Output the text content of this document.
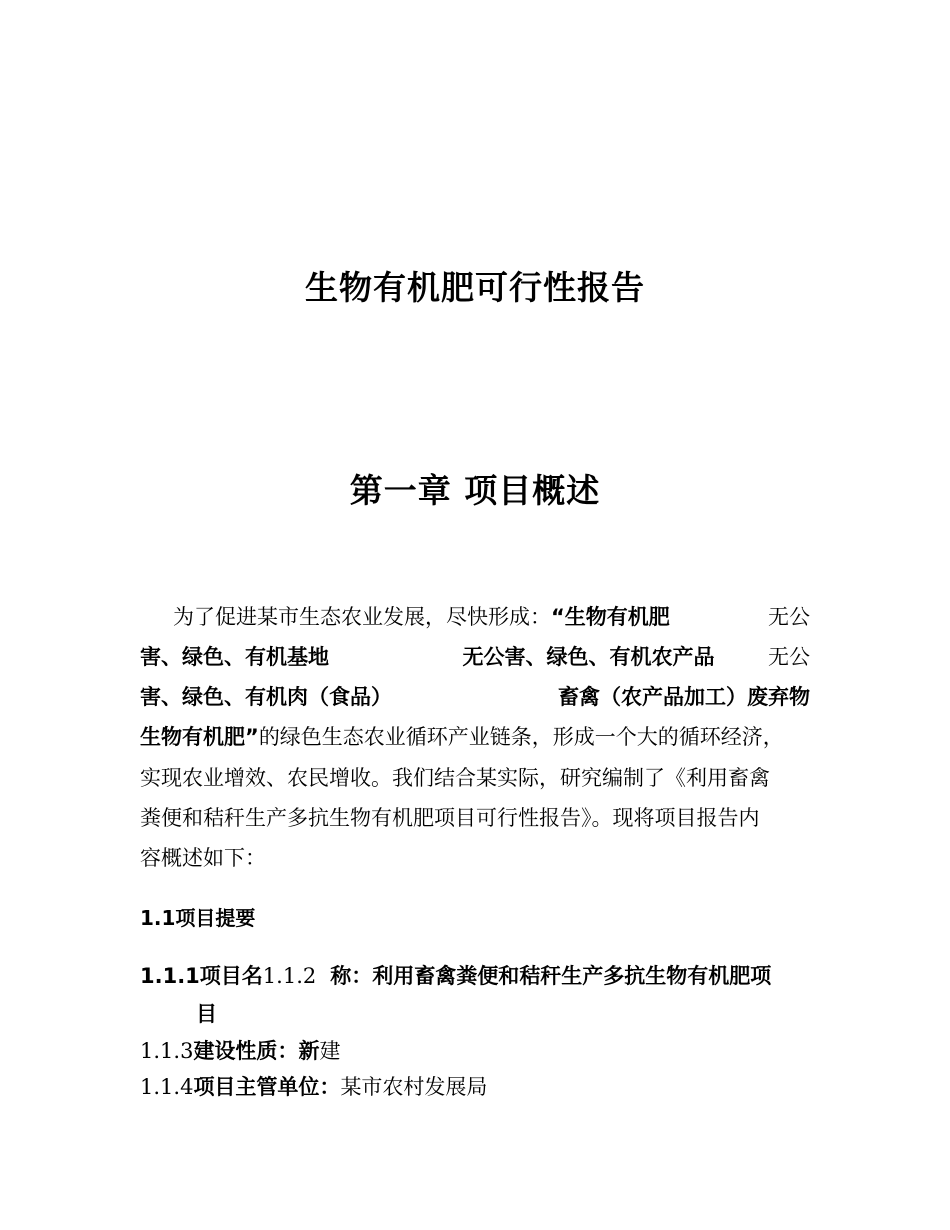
生物有机肥可行性报告
第一章 项目概述
为了促进某市生态农业发展，尽快形成：“生物有机肥	无公
害、绿色、有机基地	无公害、绿色、有机农产品	无公
害、绿色、有机肉（食品）	畜禽（农产品加工）废弃物
生物有机肥”的绿色生态农业循环产业链条，形成一个大的循环经济，
实现农业增效、农民增收。我们结合某实际，研究编制了《利用畜禽
粪便和秸秆生产多抗生物有机肥项目可行性报告》。现将项目报告内
容概述如下：
1.1项目提要
1.1.1项目名1.1.2 称：利用畜禽粪便和秸秆生产多抗生物有机肥项
目
1.1.3建设性质：新建
1.1.4项目主管单位：某市农村发展局
